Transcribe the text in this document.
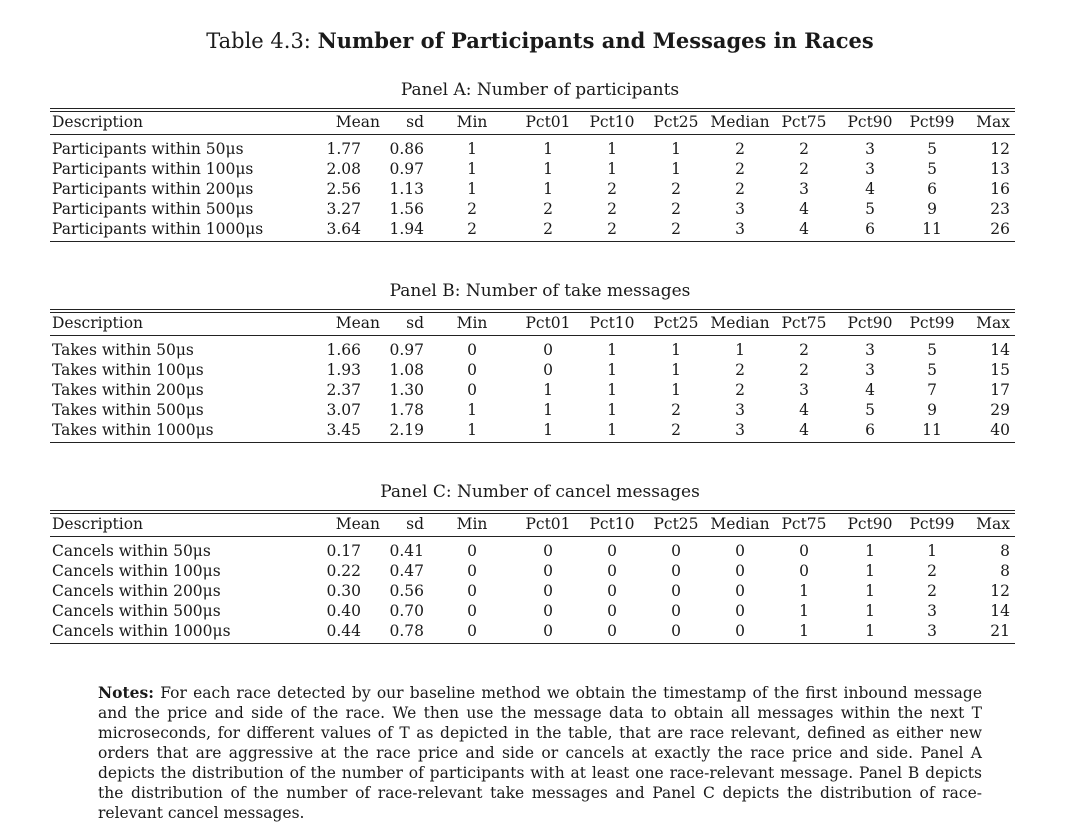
Table 4.3: Number of Participants and Messages in Races
Panel A: Number of participants
Description	Mean	sd	Min	Pct01	Pct10	Pct25 Median Pct75	Pct90	Pct99	Max
Participants within 50μs	1.77	0.86	1	1	1	1	2	2	3	5	12
Participants within 100μs	2.08	0.97	1	1	1	1	2	2	3	5	13
Participants within 200μs	2.56	1.13	1	1	2	2	2	3	4	6	16
Participants within 500μs	3.27	1.56	2	2	2	2	3	4	5	9	23
Participants within 1000μs	3.64	1.94	2	2	2	2	3	4	6	11	26
Panel B: Number of take messages
Description	Mean	sd	Min	Pct01	Pct10	Pct25 Median Pct75	Pct90	Pct99	Max
Takes within 50μs	1.66	0.97	0	0	1	1	1	2	3	5	14
Takes within 100μs	1.93	1.08	0	0	1	1	2	2	3	5	15
Takes within 200μs	2.37	1.30	0	1	1	1	2	3	4	7	17
Takes within 500μs	3.07	1.78	1	1	1	2	3	4	5	9	29
Takes within 1000μs	3.45	2.19	1	1	1	2	3	4	6	11	40
Panel C: Number of cancel messages
Description	Mean	sd	Min	Pct01	Pct10	Pct25 Median Pct75	Pct90	Pct99	Max
Cancels within 50μs	0.17	0.41	0	0	0	0	0	0	1	1	8
Cancels within 100μs	0.22	0.47	0	0	0	0	0	0	1	2	8
Cancels within 200μs	0.30	0.56	0	0	0	0	0	1	1	2	12
Cancels within 500μs	0.40	0.70	0	0	0	0	0	1	1	3	14
Cancels within 1000μs	0.44	0.78	0	0	0	0	0	1	1	3	21
Notes: For each race detected by our baseline method we obtain the timestamp of the first inbound message and the price and side of the race. We then use the message data to obtain all messages within the next T microseconds, for different values of T as depicted in the table, that are race relevant, defined as either new orders that are aggressive at the race price and side or cancels at exactly the race price and side. Panel A depicts the distribution of the number of participants with at least one race-relevant message. Panel B depicts the distribution of the number of race-relevant take messages and Panel C depicts the distribution of race-relevant cancel messages.
